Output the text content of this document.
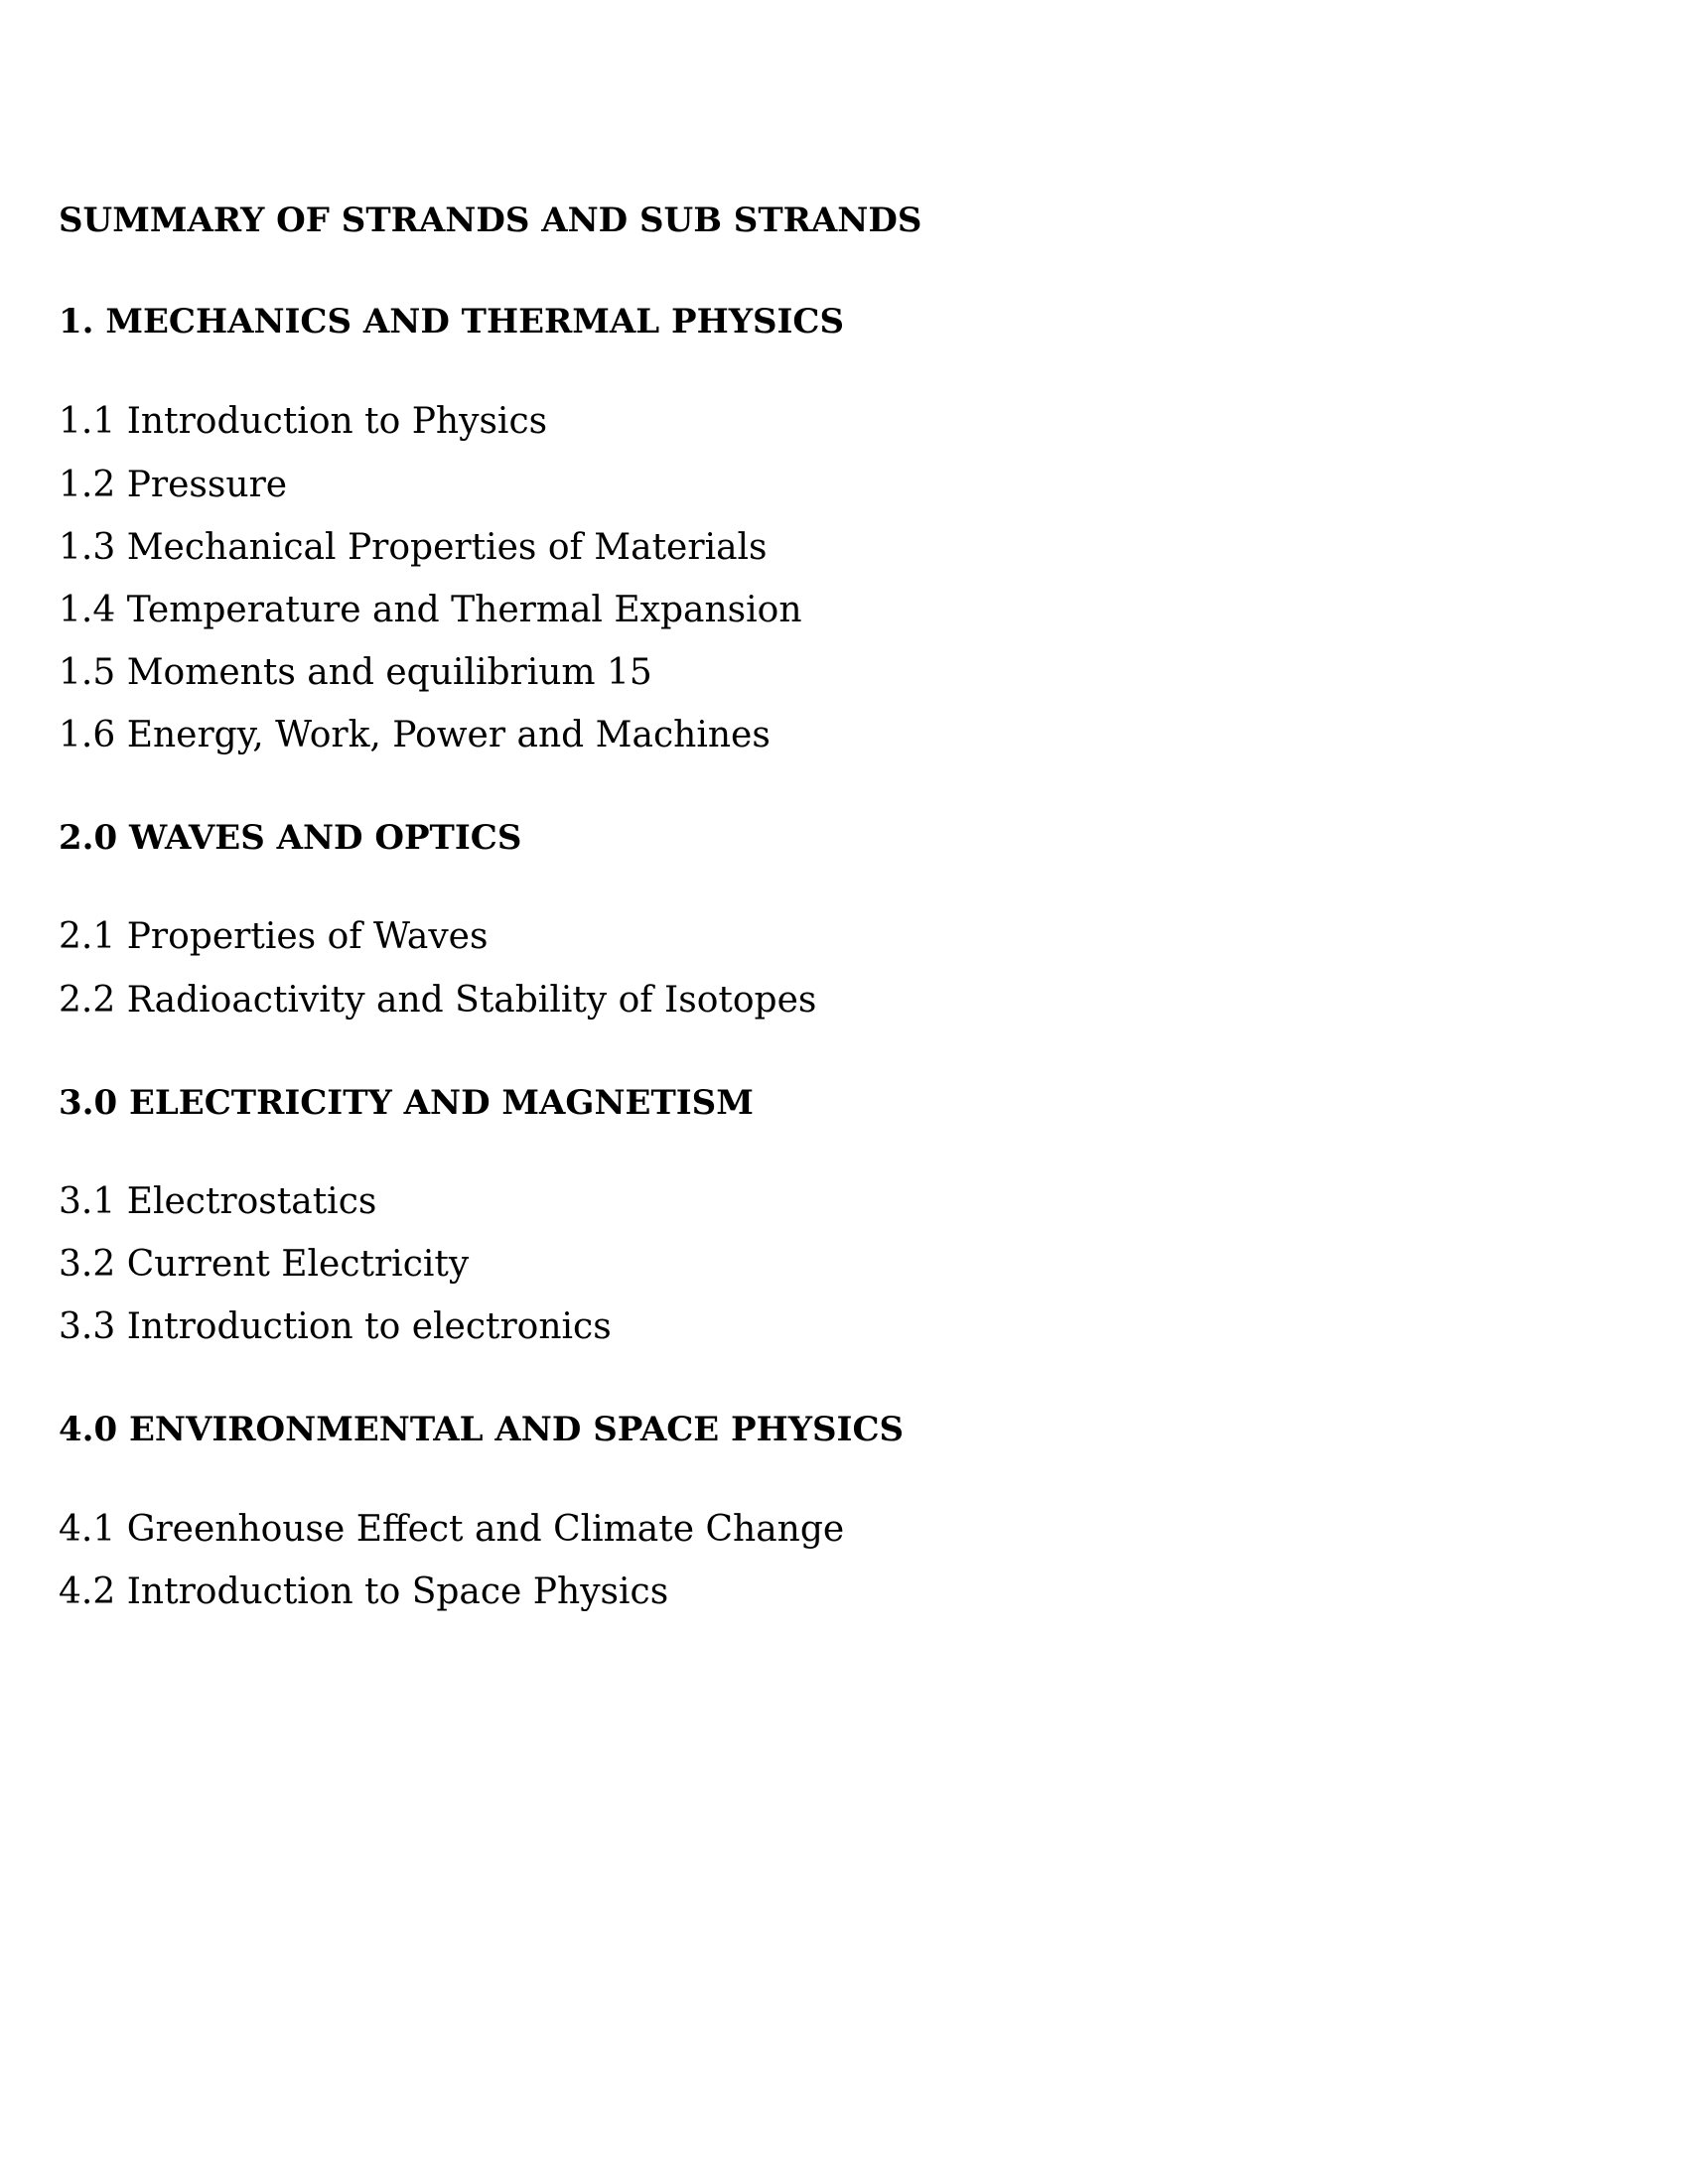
SUMMARY OF STRANDS AND SUB STRANDS
1. MECHANICS AND THERMAL PHYSICS
1.1 Introduction to Physics
1.2 Pressure
1.3 Mechanical Properties of Materials
1.4 Temperature and Thermal Expansion
1.5 Moments and equilibrium 15
1.6 Energy, Work, Power and Machines
2.0 WAVES AND OPTICS
2.1 Properties of Waves
2.2 Radioactivity and Stability of Isotopes
3.0 ELECTRICITY AND MAGNETISM
3.1 Electrostatics
3.2 Current Electricity
3.3 Introduction to electronics
4.0 ENVIRONMENTAL AND SPACE PHYSICS
4.1 Greenhouse Effect and Climate Change
4.2 Introduction to Space Physics
